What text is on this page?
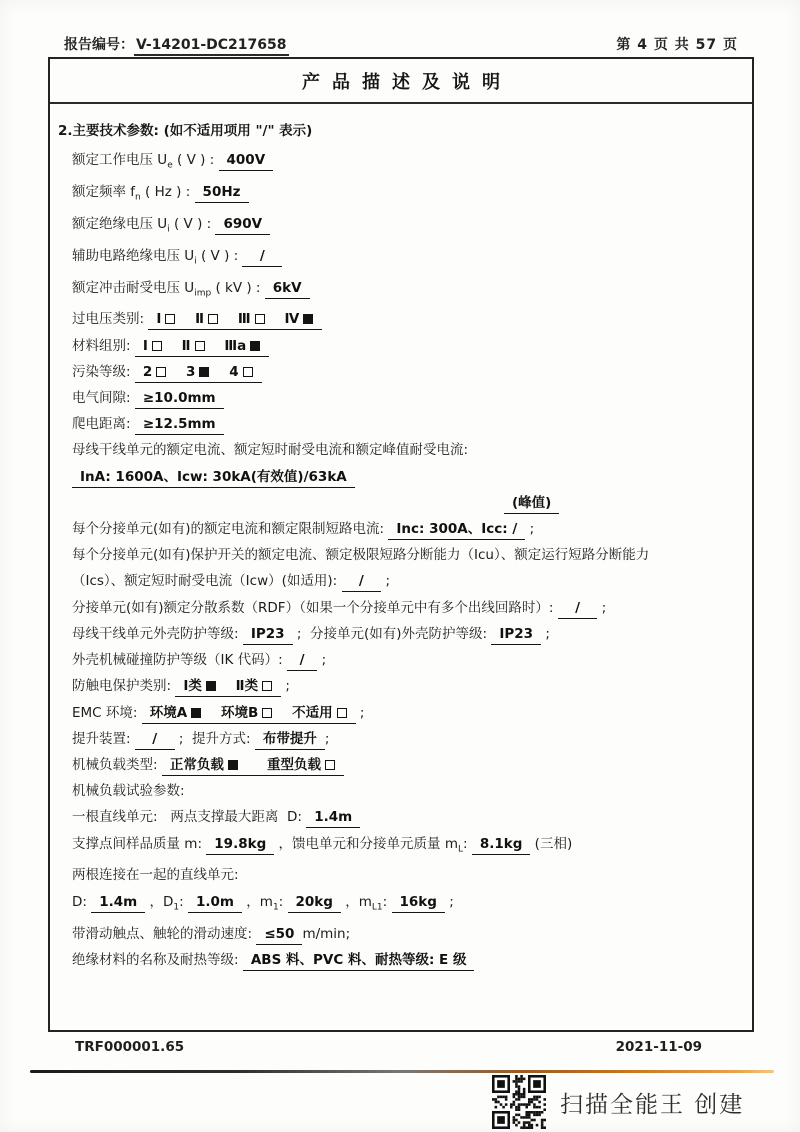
报告编号： V-14201-DC217658	第 4 页 共 57 页
产品描述及说明
2.主要技术参数: (如不适用项用 "/" 表示)
额定工作电压 $U_e$ ( V ) : 400V
额定频率 $f_n$ ( Hz ) : 50Hz
额定绝缘电压 $U_i$ ( V ) : 690V
辅助电路绝缘电压 $U_i$ ( V ) :   /
额定冲击耐受电压 $U_{imp}$ ( kV ) : 6kV
过电压类别: Ⅰ    Ⅱ    Ⅲ    Ⅳ
材料组别: Ⅰ    Ⅱ    Ⅲa
污染等级: 2    3    4
电气间隙: ≥10.0mm
爬电距离: ≥12.5mm
母线干线单元的额定电流、额定短时耐受电流和额定峰值耐受电流: InA: 1600A、Icw: 30kA(有效值)/63kA
(峰值)
每个分接单元(如有)的额定电流和额定限制短路电流: Inc: 300A、Icc: / ;
每个分接单元(如有)保护开关的额定电流、额定极限短路分断能力（Icu）、额定运行短路分断能力
（Ics）、额定短时耐受电流（Icw）(如适用):   /   ;
分接单元(如有)额定分散系数（RDF）（如果一个分接单元中有多个出线回路时）:   /   ;
母线干线单元外壳防护等级: IP23 ;  分接单元(如有)外壳防护等级: IP23 ;
外壳机械碰撞防护等级（IK 代码）:  /  ;
防触电保护类别: Ⅰ类    Ⅱ类 ;
EMC 环境: 环境A    环境B    不适用 ;
提升装置:   /   ;  提升方式: 布带提升 ;
机械负载类型: 正常负载      重型负载
机械负载试验参数:
一根直线单元:   两点支撑最大距离  D: 1.4m
支撑点间样品质量 m: 19.8kg ，馈电单元和分接单元质量 $m_L$: 8.1kg (三相)
两根连接在一起的直线单元:
D: 1.4m ，$D_1$: 1.0m ，$m_1$: 20kg ，$m_{L1}$: 16kg ;
带滑动触点、触轮的滑动速度: ≤50 m/min;
绝缘材料的名称及耐热等级: ABS 料、PVC 料、耐热等级: E 级
TRF000001.65	2021-11-09
扫描全能王 创建
